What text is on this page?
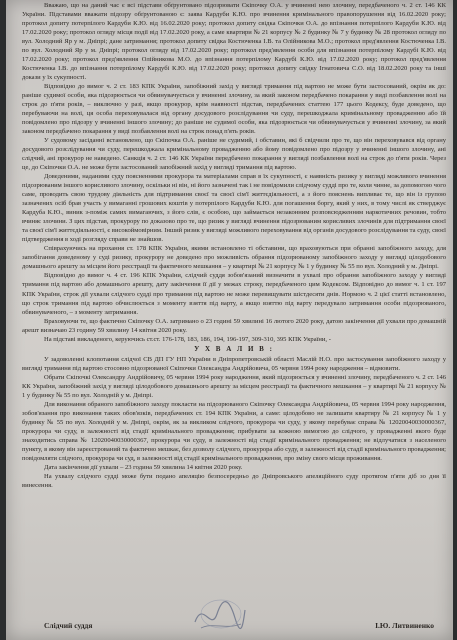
Вважаю, що на даний час є всі підстави обґрунтовано підозрювати Скіпочку О.А. у вчиненні нею злочину, передбаченого ч. 2 ст. 146 КК України. Підставами вважати підозру обґрунтованою є: заява Кардуби К.Ю. про вчинення кримінального правопорушення від 16.02.2020 року; протокол допиту потерпілого Кардуби К.Ю. від 16.02.2020 року; протокол допиту свідка Скіпочки О.А. до впізнання потерпілого Кардуби К.Ю. від 17.02.2020 року; протокол огляду місця події від 17.02.2020 року, а саме квартири № 21 корпусу № 2 будинку № 7 у будинку № 28 протокол огляду по вул. Холодний Яр у м. Дніпрі; дане затримання; протокол допиту свідка Костюченка І.В. та Олійникова М.О.; протокол пред'явлення Костюченка І.В. по вул. Холодний Яр у м. Дніпрі; протокол огляду від 17.02.2020 року; протокол пред'явлення особи для впізнання потерпілому Кардубі К.Ю. від 17.02.2020 року; протокол пред'явлення Олійникова М.О. до впізнання потерпілому Кардубі К.Ю. від 17.02.2020 року; протокол пред'явлення Костюченка І.В. до впізнання потерпілому Кардубі К.Ю. від 17.02.2020 року; протокол допиту свідку Ігнатовича С.О. від 18.02.2020 року та інші докази у їх сукупності.

Відповідно до вимог ч. 2 ст. 183 КПК України, запобіжний захід у вигляді тримання під вартою не може бути застосований, окрім як до: раніше судимої особи, яка підозрюється чи обвинувачується у вчиненні злочину, за який законом передбачено покарання у виді позбавлення волі на строк до п'яти років, – виключно у разі, якщо прокурор, крім наявності підстав, передбачених статтею 177 цього Кодексу, буде доведено, що перебуваючи на волі, ця особа переховувалася від органу досудового розслідування чи суду, перешкоджала кримінальному провадженню або їй повідомлено про підозру у вчиненні іншого злочину; до раніше не судимої особи, яка підозрюється чи обвинувачується у вчиненні злочину, за який законом передбачено покарання у виді позбавлення волі на строк понад п'ять років.

У судовому засіданні встановлено, що Скіпочка О.А. раніше не судимий, і обставин, які б свідчили про те, що він переховувався від органу досудового розслідування чи суду, перешкоджала кримінальному провадженню або йому повідомлено про підозру у вчиненні іншого злочину, ані слідчий, ані прокурор не наведено. Санкція ч. 2 ст. 146 КК України передбачено покарання у вигляді позбавлення волі на строк до п'яти років. Через це, до Скіпочки О.А. не може бути застосований запобіжний захід у вигляді тримання під вартою.

Доведеними, наданими суду поясненнями прокурора та матеріалами справ в їх сукупності, є наявність ризику у вигляді можливого вчинення підозрюваним іншого корисливого злочину, оскільки ні він, ні його зазначені так і не повідомили слідчому судді про те, коли чинне, за допомогою чого саме, проводить свою трудову діяльність для підтримання своєї та своєї сім'ї життєдіяльності, а з його пояснень випливає те, що він із групою зазначених осіб брав участь у вимаганні грошових коштів у потерпілого Кардуби К.Ю. для погашення боргу, який у них, в тому числі як стверджує Кардуба К.Ю., виник з-поміж самих вимагаючих, з його слів, є особою, що займається незаконним розповсюдженням наркотичних речовин, тобто вчиняє злочини. З цих підстав, прокурору по доказово про те, що ризик у вигляді вчинення підозрюваним корисливих злочинів для підтримання своєї та своєї сім'ї життєдіяльності, є високоймовірним. Інший ризик у вигляді можливого переховування від органів досудового розслідування та суду, своєї підтвердження в ході розгляду справи не знайшов.

Співрахуючись на прохання ст. 178 КПК України, якими встановлено ті обставини, що враховуються при обранні запобіжного заходу, для запобігання доведеному у суді ризику, прокурору не доведено про можливість обрання підозрюваному запобіжного заходу у вигляді цілодобового домашнього арешту за місцем його реєстрації та фактичного мешкання – у квартирі № 21 корпусу № 1 у будинку № 55 по вул. Холодний у м. Дніпрі.

Відповідно до вимог ч. 4 ст. 196 КПК України, слідчий суддя зобов'язаний визначити в ухвалі про обрання запобіжного заходу у вигляді тримання під вартою або домашнього арешту, дату закінчення її дії у межах строку, передбаченого цим Кодексом. Відповідно до вимог ч. 1 ст. 197 КПК України, строк дії ухвали слідчого судді про тримання під вартою не може перевищувати шістдесяти днів. Нормою ч. 2 цієї статті встановлено, що строк тримання під вартою обчислюється з моменту взяття під варту, а якщо взяттю під варту передувало затримання особи підозрюваного, обвинуваченого, – з моменту затримання.

Враховуючи те, що фактично Скіпочку О.А. затримано о 23 годині 59 хвилині 16 лютого 2020 року, датою закінчення дії ухвали про домашній арешт визначаю 23 годину 59 хвилину 14 квітня 2020 року.

На підставі викладеного, керуючись ст.ст. 176-178, 183, 186, 194, 196-197, 309-310, 395 КПК України, -

У Х В А Л И В :

У задоволенні клопотання слідчої СВ ДП ГУ НП України в Дніпропетровській області Маслій Н.О. про застосування запобіжного заходу у вигляді тримання під вартою стосовно підозрюваної Скіпочки Олександра Андрійовича, 05 червня 1994 року народження – відмовити.

Обрати Скіпочкі Олександру Андрійовичу, 05 червня 1994 року народження, який підозрюється у вчиненні злочину, передбаченого ч. 2 ст. 146 КК України, запобіжний захід у вигляді цілодобового домашнього арешту за місцем реєстрації та фактичного мешкання – у квартирі № 21 корпусу № 1 у будинку № 55 по вул. Холодній у м. Дніпрі.

Для виконання обраного запобіжного заходу покласти на підозрюваного Скіпочку Олександра Андрійовича, 05 червня 1994 року народження, зобов'язання про виконання таких обов'язків, передбачених ст. 194 КПК України, а саме: цілодобово не залишати квартиру № 21 корпусу № 1 у будинку № 55 по вул. Холодній у м. Дніпрі, окрім, як за викликом слідчого, прокурора чи суду, у якому перебуває справа № 12020040030000367, прокурора чи суду, в залежності від стадії кримінального провадження; прибувати за кожною вимогою до слідчого, у провадженні якого буде знаходитись справа № 12020040030000367, прокурора чи суду, в залежності від стадії кримінального провадження; не відлучатися з населеного пункту, в якому він зареєстрований та фактично мешкає, без дозволу слідчого, прокурора або суду, в залежності від стадії кримінального провадження; повідомляти слідчого, прокурора чи суд, в залежності від стадії кримінального провадження, про зміну свого місця проживання.

Дата закінчення дії ухвали – 23 година 59 хвилина 14 квітня 2020 року.

На ухвалу слідчого судді може бути подано апеляцію безпосередньо до Дніпровського апеляційного суду протягом п'яти діб зо дня її винесення.

Слідчий суддя	І.Ю. Литвиненко
